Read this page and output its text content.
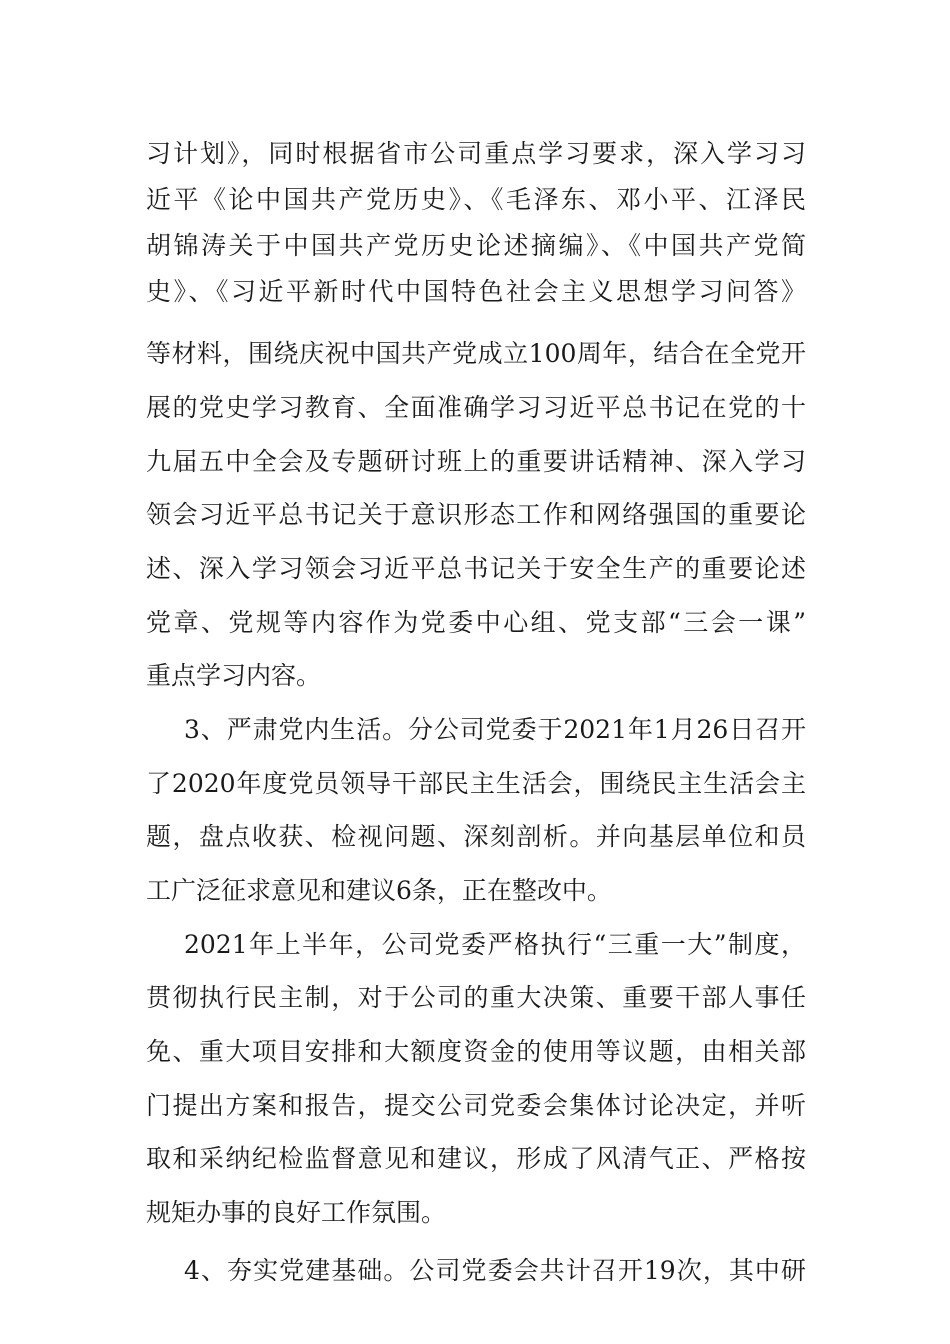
习计划》，同时根据省市公司重点学习要求，深入学习习

近平《论中国共产党历史》、《毛泽东、邓小平、江泽民

胡锦涛关于中国共产党历史论述摘编》、《中国共产党简

史》、《习近平新时代中国特色社会主义思想学习问答》

等材料，围绕庆祝中国共产党成立100周年，结合在全党开

展的党史学习教育、全面准确学习习近平总书记在党的十

九届五中全会及专题研讨班上的重要讲话精神、深入学习

领会习近平总书记关于意识形态工作和网络强国的重要论

述、深入学习领会习近平总书记关于安全生产的重要论述

党章、党规等内容作为党委中心组、党支部“三会一课”

重点学习内容。

3、严肃党内生活。分公司党委于2021年1月26日召开

了2020年度党员领导干部民主生活会，围绕民主生活会主

题，盘点收获、检视问题、深刻剖析。并向基层单位和员

工广泛征求意见和建议6条，正在整改中。

2021年上半年，公司党委严格执行“三重一大”制度，

贯彻执行民主制，对于公司的重大决策、重要干部人事任

免、重大项目安排和大额度资金的使用等议题，由相关部

门提出方案和报告，提交公司党委会集体讨论决定，并听

取和采纳纪检监督意见和建议，形成了风清气正、严格按

规矩办事的良好工作氛围。

4、夯实党建基础。公司党委会共计召开19次，其中研
